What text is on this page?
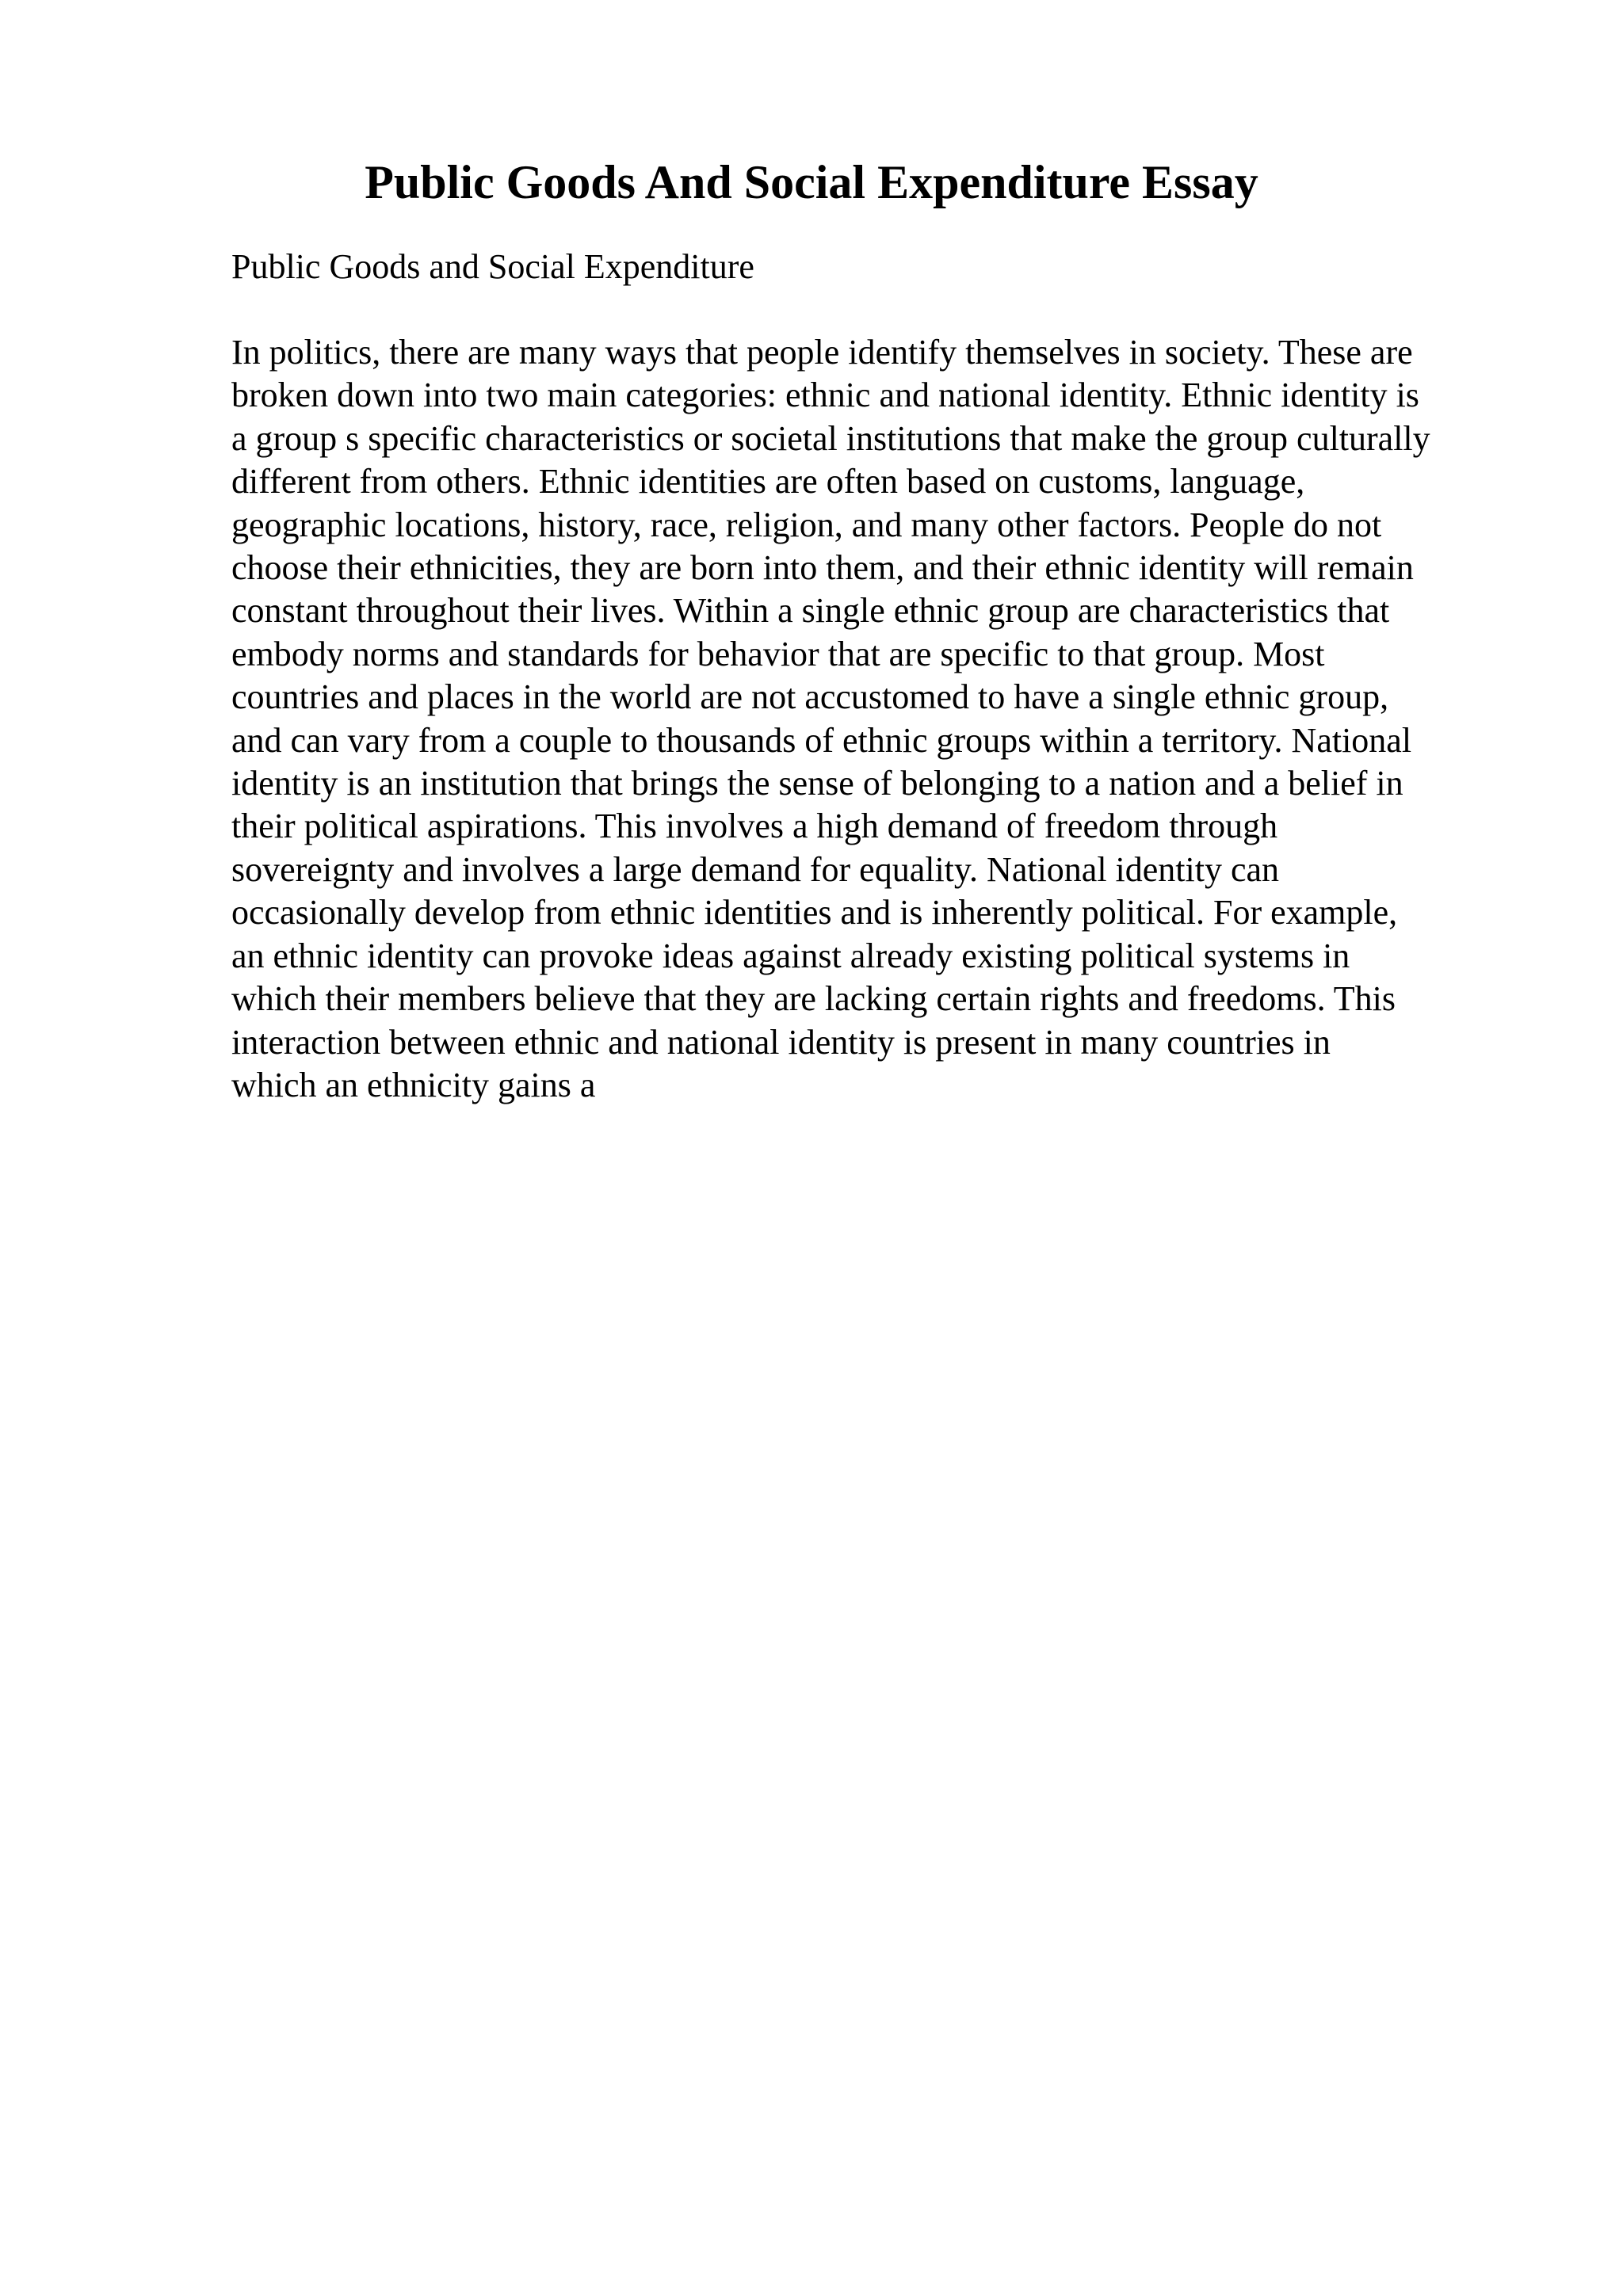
Public Goods And Social Expenditure Essay

Public Goods and Social Expenditure

In politics, there are many ways that people identify themselves in society. These are
broken down into two main categories: ethnic and national identity. Ethnic identity is
a group s specific characteristics or societal institutions that make the group culturally
different from others. Ethnic identities are often based on customs, language,
geographic locations, history, race, religion, and many other factors. People do not
choose their ethnicities, they are born into them, and their ethnic identity will remain
constant throughout their lives. Within a single ethnic group are characteristics that
embody norms and standards for behavior that are specific to that group. Most
countries and places in the world are not accustomed to have a single ethnic group,
and can vary from a couple to thousands of ethnic groups within a territory. National
identity is an institution that brings the sense of belonging to a nation and a belief in
their political aspirations. This involves a high demand of freedom through
sovereignty and involves a large demand for equality. National identity can
occasionally develop from ethnic identities and is inherently political. For example,
an ethnic identity can provoke ideas against already existing political systems in
which their members believe that they are lacking certain rights and freedoms. This
interaction between ethnic and national identity is present in many countries in
which an ethnicity gains a
